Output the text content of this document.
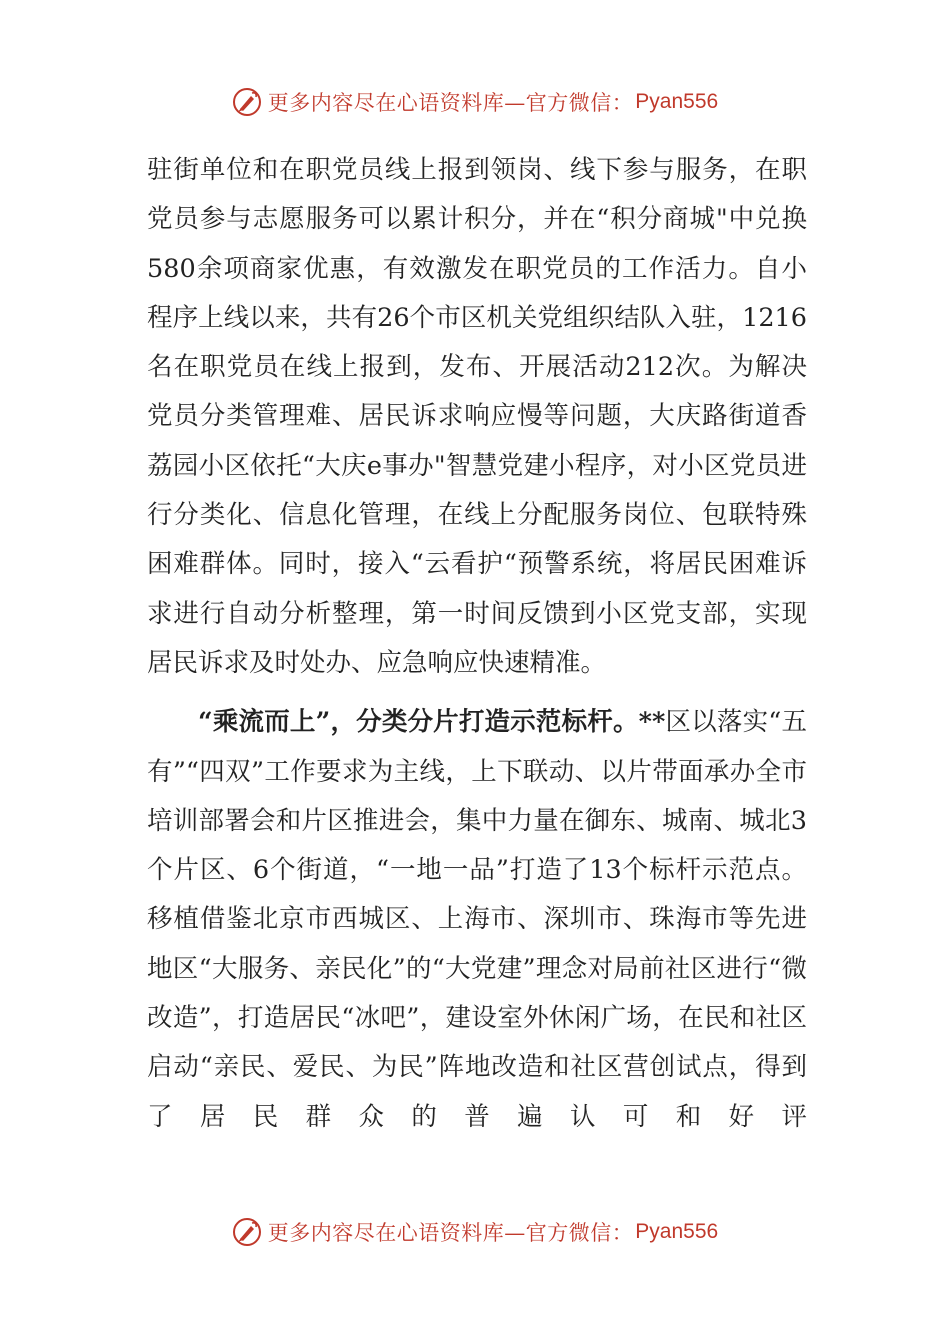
更多内容尽在心语资料库—官方微信： Pyan556

驻街单位和在职党员线上报到领岗、线下参与服务，在职党员参与志愿服务可以累计积分，并在“积分商城"中兑换580余项商家优惠，有效激发在职党员的工作活力。自小程序上线以来，共有26个市区机关党组织结队入驻，1216名在职党员在线上报到，发布、开展活动212次。为解决党员分类管理难、居民诉求响应慢等问题，大庆路街道香荔园小区依托“大庆e事办"智慧党建小程序，对小区党员进行分类化、信息化管理，在线上分配服务岗位、包联特殊困难群体。同时，接入“云看护“预警系统，将居民困难诉求进行自动分析整理，第一时间反馈到小区党支部，实现居民诉求及时处办、应急响应快速精准。

“乘流而上”，分类分片打造示范标杆。**区以落实“五有”“四双”工作要求为主线，上下联动、以片带面承办全市培训部署会和片区推进会，集中力量在御东、城南、城北3个片区、6个街道，“一地一品”打造了13个标杆示范点。移植借鉴北京市西城区、上海市、深圳市、珠海市等先进地区“大服务、亲民化”的“大党建”理念对局前社区进行“微改造”，打造居民“冰吧”，建设室外休闲广场，在民和社区启动“亲民、爱民、为民”阵地改造和社区营创试点，得到了居民群众的普遍认可和好评

更多内容尽在心语资料库—官方微信： Pyan556
